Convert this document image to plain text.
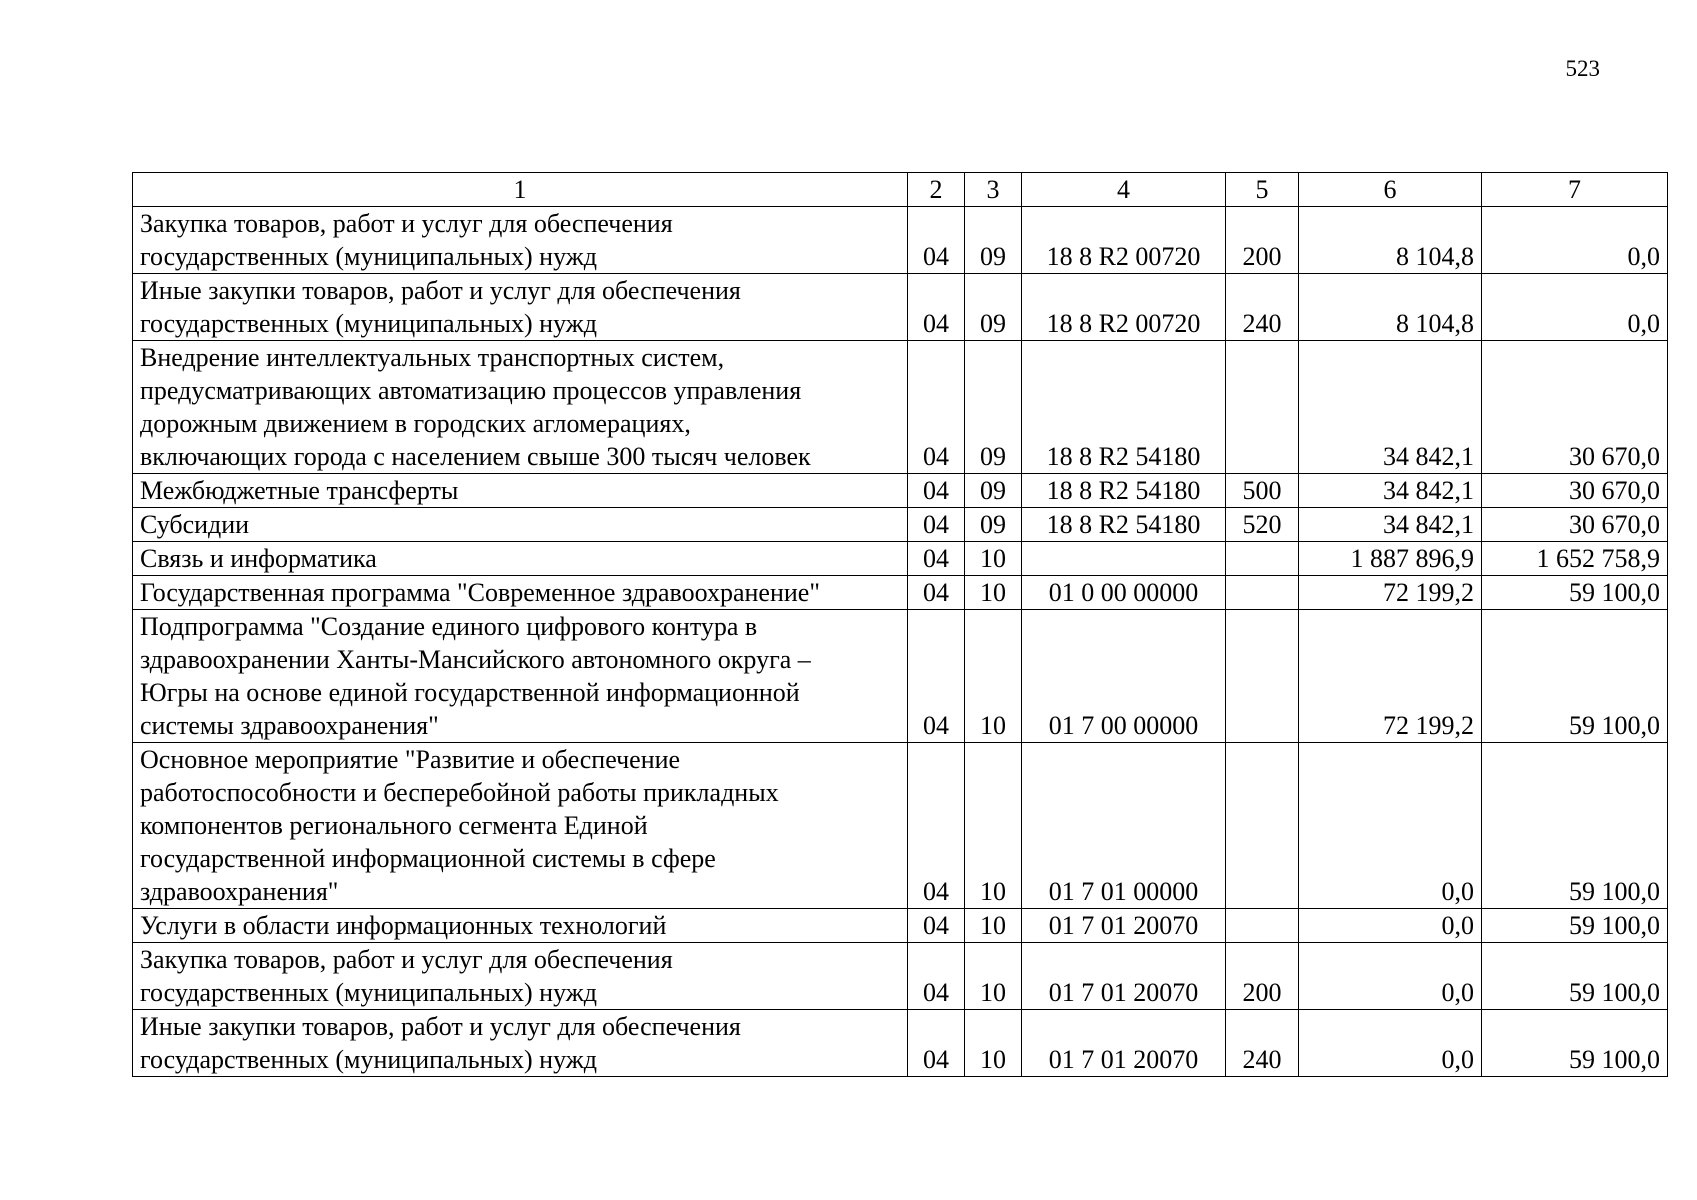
523
1	2	3	4	5	6	7

Закупка товаров, работ и услуг для обеспечения
государственных (муниципальных) нужд	04	09	18 8 R2 00720	200	8 104,8	0,0

Иные закупки товаров, работ и услуг для обеспечения
государственных (муниципальных) нужд	04	09	18 8 R2 00720	240	8 104,8	0,0

Внедрение интеллектуальных транспортных систем,
предусматривающих автоматизацию процессов управления
дорожным движением в городских агломерациях,
включающих города с населением свыше 300 тысяч человек	04	09	18 8 R2 54180		34 842,1	30 670,0

Межбюджетные трансферты	04	09	18 8 R2 54180	500	34 842,1	30 670,0

Субсидии	04	09	18 8 R2 54180	520	34 842,1	30 670,0

Связь и информатика	04	10			1 887 896,9	1 652 758,9

Государственная программа "Современное здравоохранение"	04	10	01 0 00 00000		72 199,2	59 100,0

Подпрограмма "Создание единого цифрового контура в
здравоохранении Ханты-Мансийского автономного округа –
Югры на основе единой государственной информационной
системы здравоохранения"	04	10	01 7 00 00000		72 199,2	59 100,0

Основное мероприятие "Развитие и обеспечение
работоспособности и бесперебойной работы прикладных
компонентов регионального сегмента Единой
государственной информационной системы в сфере
здравоохранения"	04	10	01 7 01 00000		0,0	59 100,0

Услуги в области информационных технологий	04	10	01 7 01 20070		0,0	59 100,0

Закупка товаров, работ и услуг для обеспечения
государственных (муниципальных) нужд	04	10	01 7 01 20070	200	0,0	59 100,0

Иные закупки товаров, работ и услуг для обеспечения
государственных (муниципальных) нужд	04	10	01 7 01 20070	240	0,0	59 100,0
